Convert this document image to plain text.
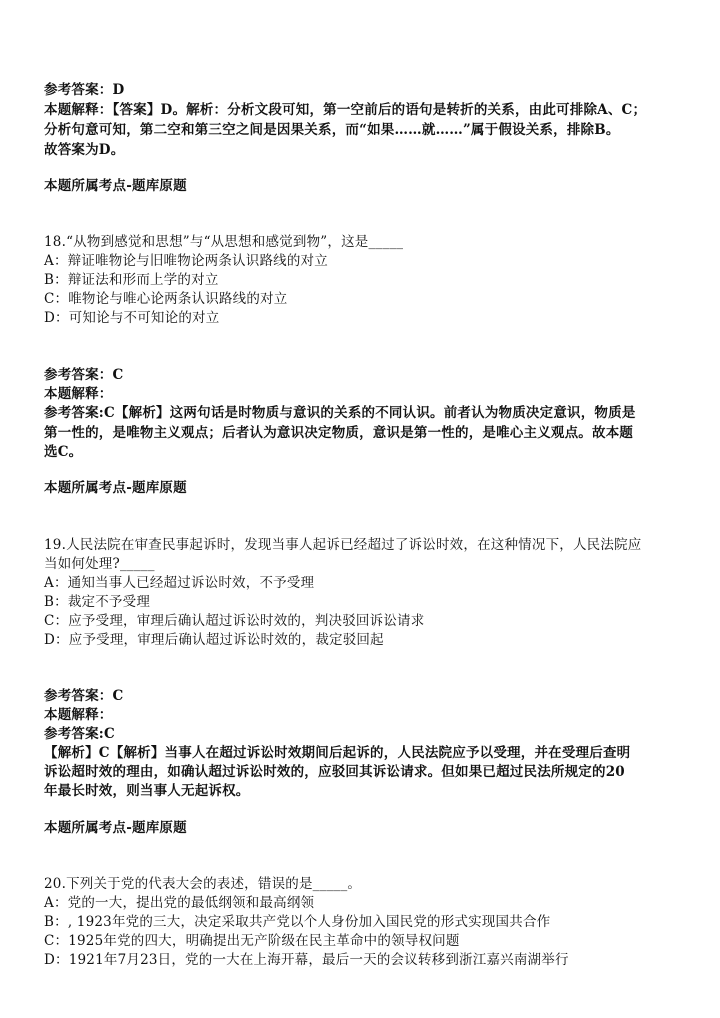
参考答案：D
本题解释：【答案】D。解析：分析文段可知，第一空前后的语句是转折的关系，由此可排除A、C；
分析句意可知，第二空和第三空之间是因果关系，而“如果……就……”属于假设关系，排除B。
故答案为D。
本题所属考点-题库原题
18.“从物到感觉和思想”与“从思想和感觉到物”，这是_____
A：辩证唯物论与旧唯物论两条认识路线的对立
B：辩证法和形而上学的对立
C：唯物论与唯心论两条认识路线的对立
D：可知论与不可知论的对立
参考答案：C
本题解释：
参考答案:C【解析】这两句话是时物质与意识的关系的不同认识。前者认为物质决定意识，物质是
第一性的，是唯物主义观点；后者认为意识决定物质，意识是第一性的，是唯心主义观点。故本题
选C。
本题所属考点-题库原题
19.人民法院在审查民事起诉时，发现当事人起诉已经超过了诉讼时效，在这种情况下，人民法院应
当如何处理?_____
A：通知当事人已经超过诉讼时效，不予受理
B：裁定不予受理
C：应予受理，审理后确认超过诉讼时效的，判决驳回诉讼请求
D：应予受理，审理后确认超过诉讼时效的，裁定驳回起
参考答案：C
本题解释：
参考答案:C
【解析】C【解析】当事人在超过诉讼时效期间后起诉的，人民法院应予以受理，并在受理后查明
诉讼超时效的理由，如确认超过诉讼时效的，应驳回其诉讼请求。但如果已超过民法所规定的20
年最长时效，则当事人无起诉权。
本题所属考点-题库原题
20.下列关于党的代表大会的表述，错误的是_____。
A：党的一大，提出党的最低纲领和最高纲领
B：, 1923年党的三大，决定采取共产党以个人身份加入国民党的形式实现国共合作
C：1925年党的四大，明确提出无产阶级在民主革命中的领导权问题
D：1921年7月23日，党的一大在上海开幕，最后一天的会议转移到浙江嘉兴南湖举行
